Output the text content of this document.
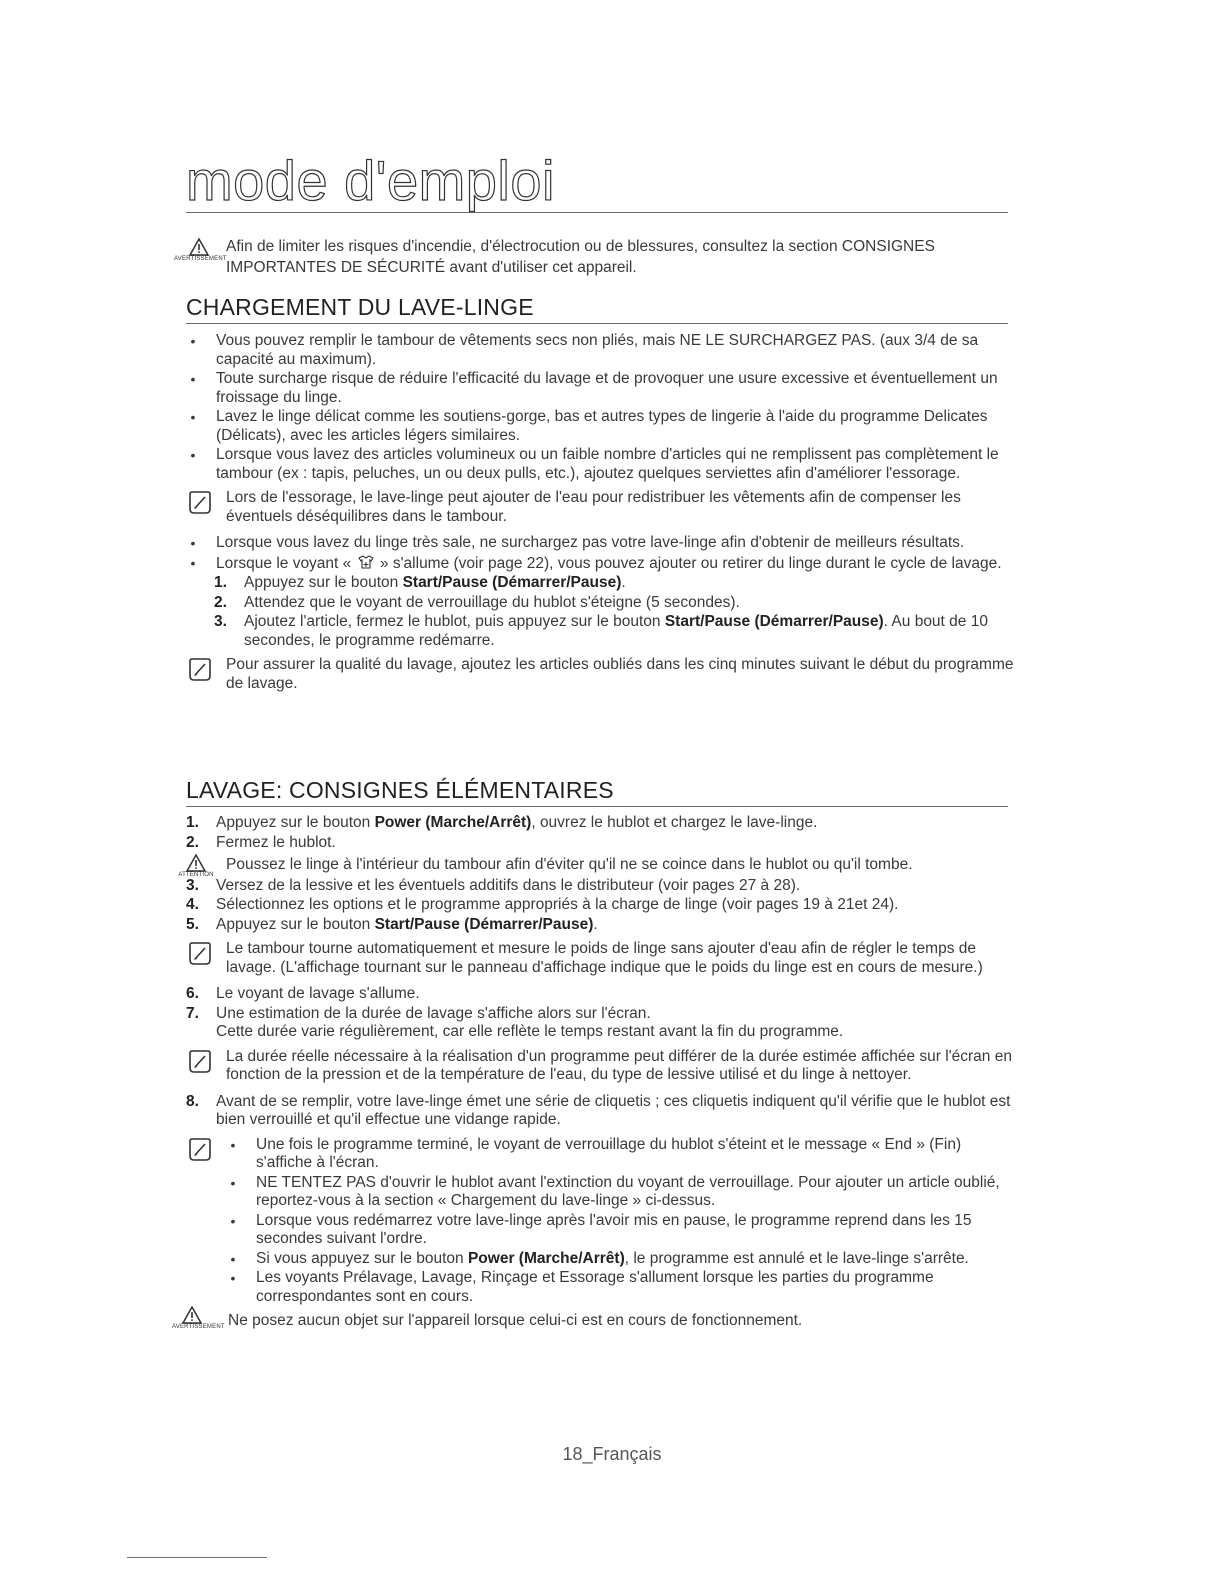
mode d'emploi
AVERTISSEMENT
Afin de limiter les risques d'incendie, d'électrocution ou de blessures, consultez la section CONSIGNES IMPORTANTES DE SÉCURITÉ avant d'utiliser cet appareil.
CHARGEMENT DU LAVE-LINGE
• Vous pouvez remplir le tambour de vêtements secs non pliés, mais NE LE SURCHARGEZ PAS. (aux 3/4 de sa capacité au maximum).
• Toute surcharge risque de réduire l'efficacité du lavage et de provoquer une usure excessive et éventuellement un froissage du linge.
• Lavez le linge délicat comme les soutiens-gorge, bas et autres types de lingerie à l'aide du programme Delicates (Délicats), avec les articles légers similaires.
• Lorsque vous lavez des articles volumineux ou un faible nombre d'articles qui ne remplissent pas complètement le tambour (ex : tapis, peluches, un ou deux pulls, etc.), ajoutez quelques serviettes afin d'améliorer l'essorage.
Lors de l'essorage, le lave-linge peut ajouter de l'eau pour redistribuer les vêtements afin de compenser les éventuels déséquilibres dans le tambour.
• Lorsque vous lavez du linge très sale, ne surchargez pas votre lave-linge afin d'obtenir de meilleurs résultats.
• Lorsque le voyant « » s'allume (voir page 22), vous pouvez ajouter ou retirer du linge durant le cycle de lavage.
1. Appuyez sur le bouton Start/Pause (Démarrer/Pause).
2. Attendez que le voyant de verrouillage du hublot s'éteigne (5 secondes).
3. Ajoutez l'article, fermez le hublot, puis appuyez sur le bouton Start/Pause (Démarrer/Pause). Au bout de 10 secondes, le programme redémarre.
Pour assurer la qualité du lavage, ajoutez les articles oubliés dans les cinq minutes suivant le début du programme de lavage.
LAVAGE: CONSIGNES ÉLÉMENTAIRES
1. Appuyez sur le bouton Power (Marche/Arrêt), ouvrez le hublot et chargez le lave-linge.
2. Fermez le hublot.
ATTENTION
Poussez le linge à l'intérieur du tambour afin d'éviter qu'il ne se coince dans le hublot ou qu'il tombe.
3. Versez de la lessive et les éventuels additifs dans le distributeur (voir pages 27 à 28).
4. Sélectionnez les options et le programme appropriés à la charge de linge (voir pages 19 à 21et 24).
5. Appuyez sur le bouton Start/Pause (Démarrer/Pause).
Le tambour tourne automatiquement et mesure le poids de linge sans ajouter d'eau afin de régler le temps de lavage. (L'affichage tournant sur le panneau d'affichage indique que le poids du linge est en cours de mesure.)
6. Le voyant de lavage s'allume.
7. Une estimation de la durée de lavage s'affiche alors sur l'écran.
Cette durée varie régulièrement, car elle reflète le temps restant avant la fin du programme.
La durée réelle nécessaire à la réalisation d'un programme peut différer de la durée estimée affichée sur l'écran en fonction de la pression et de la température de l'eau, du type de lessive utilisé et du linge à nettoyer.
8. Avant de se remplir, votre lave-linge émet une série de cliquetis ; ces cliquetis indiquent qu'il vérifie que le hublot est bien verrouillé et qu'il effectue une vidange rapide.
• Une fois le programme terminé, le voyant de verrouillage du hublot s'éteint et le message « End » (Fin) s'affiche à l'écran.
• NE TENTEZ PAS d'ouvrir le hublot avant l'extinction du voyant de verrouillage. Pour ajouter un article oublié, reportez-vous à la section « Chargement du lave-linge » ci-dessus.
• Lorsque vous redémarrez votre lave-linge après l'avoir mis en pause, le programme reprend dans les 15 secondes suivant l'ordre.
• Si vous appuyez sur le bouton Power (Marche/Arrêt), le programme est annulé et le lave-linge s'arrête.
• Les voyants Prélavage, Lavage, Rinçage et Essorage s'allument lorsque les parties du programme correspondantes sont en cours.
AVERTISSEMENT Ne posez aucun objet sur l'appareil lorsque celui-ci est en cours de fonctionnement.
18_Français
